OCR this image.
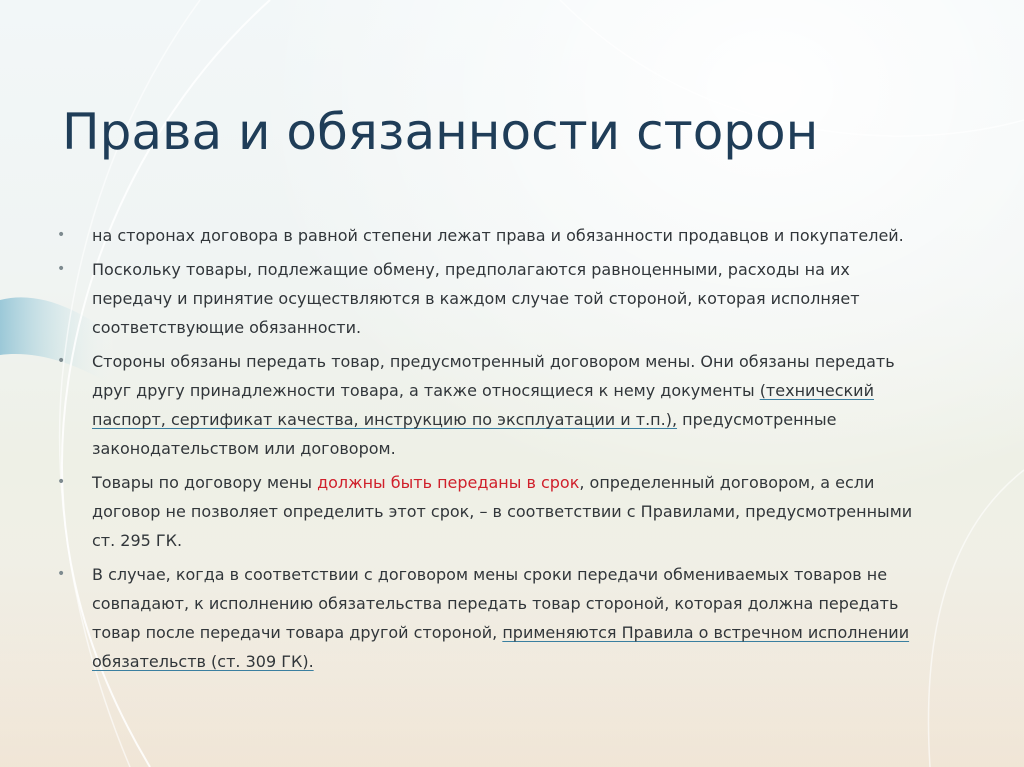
Права и обязанности сторон
• на сторонах договора в равной степени лежат права и обязанности продавцов и покупателей.
• Поскольку товары, подлежащие обмену, предполагаются равноценными, расходы на их передачу и принятие осуществляются в каждом случае той стороной, которая исполняет соответствующие обязанности.
• Стороны обязаны передать товар, предусмотренный договором мены. Они обязаны передать друг другу принадлежности товара, а также относящиеся к нему документы (технический паспорт, сертификат качества, инструкцию по эксплуатации и т.п.), предусмотренные законодательством или договором.
• Товары по договору мены должны быть переданы в срок, определенный договором, а если договор не позволяет определить этот срок, – в соответствии с Правилами, предусмотренными ст. 295 ГК.
• В случае, когда в соответствии с договором мены сроки передачи обмениваемых товаров не совпадают, к исполнению обязательства передать товар стороной, которая должна передать товар после передачи товара другой стороной, применяются Правила о встречном исполнении обязательств (ст. 309 ГК).
